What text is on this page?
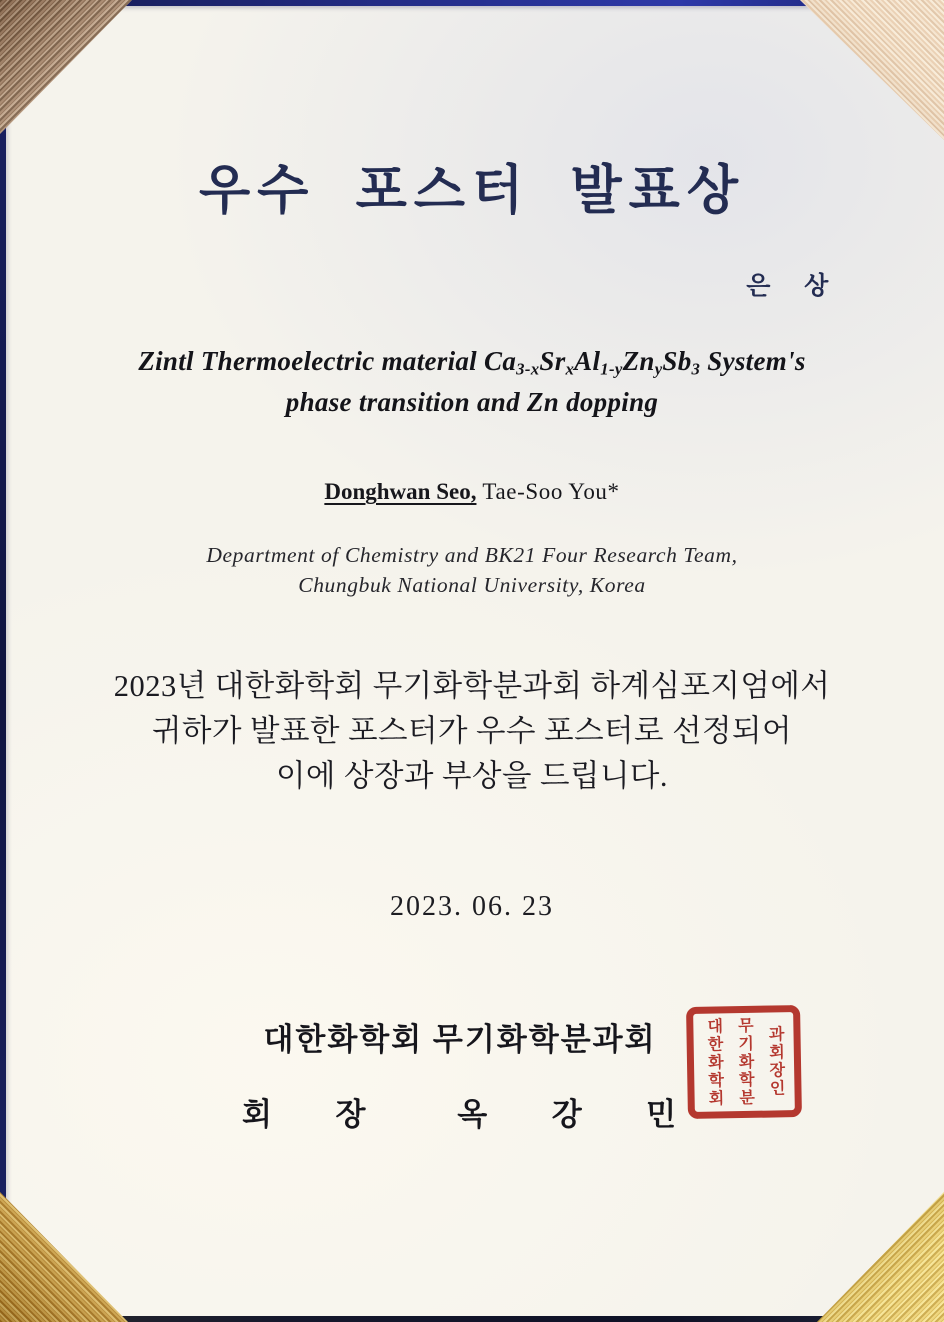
우수 포스터 발표상
은 상
Zintl Thermoelectric material $Ca_{3-x}Sr_xAl_{1-y}Zn_ySb_3$ System's
phase transition and Zn dopping
Donghwan Seo, Tae-Soo You*
Department of Chemistry and BK21 Four Research Team,
Chungbuk National University, Korea
2023년 대한화학회 무기화학분과회 하계심포지엄에서
귀하가 발표한 포스터가 우수 포스터로 선정되어
이에 상장과 부상을 드립니다.
2023. 06. 23
대한화학회 무기화학분과회
회 장 옥 강 민
대한화학회 무기화학분 과회장인
